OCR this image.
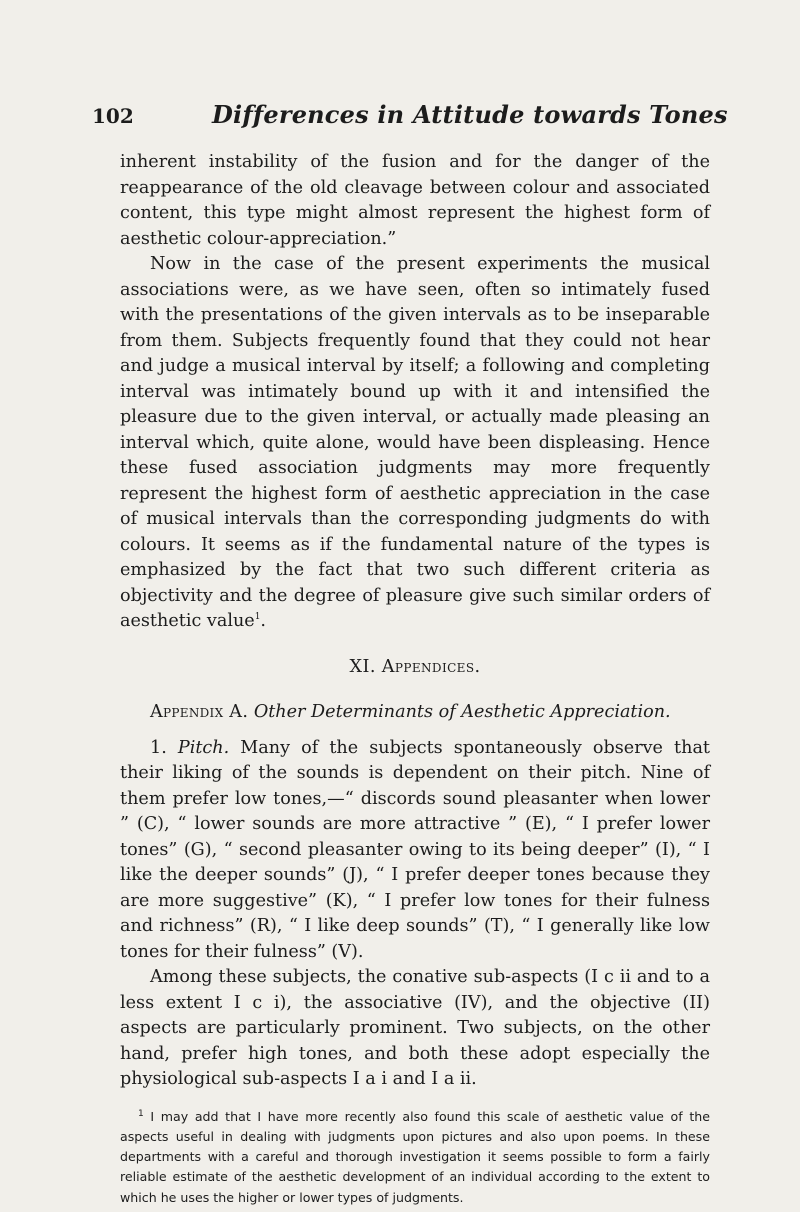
102	Differences in Attitude towards Tones

inherent instability of the fusion and for the danger of the reappearance of the old cleavage between colour and associated content, this type might almost represent the highest form of aesthetic colour-appreciation.”

Now in the case of the present experiments the musical associations were, as we have seen, often so intimately fused with the presentations of the given intervals as to be inseparable from them. Subjects frequently found that they could not hear and judge a musical interval by itself; a following and completing interval was intimately bound up with it and intensified the pleasure due to the given interval, or actually made pleasing an interval which, quite alone, would have been displeasing. Hence these fused association judgments may more frequently represent the highest form of aesthetic appreciation in the case of musical intervals than the corresponding judgments do with colours. It seems as if the fundamental nature of the types is emphasized by the fact that two such different criteria as objectivity and the degree of pleasure give such similar orders of aesthetic value$^1$.

XI. Appendices.

Appendix A. Other Determinants of Aesthetic Appreciation.

1. Pitch. Many of the subjects spontaneously observe that their liking of the sounds is dependent on their pitch. Nine of them prefer low tones,—“ discords sound pleasanter when lower ” (C), “ lower sounds are more attractive ” (E), “ I prefer lower tones” (G), “ second pleasanter owing to its being deeper” (I), “ I like the deeper sounds” (J), “ I prefer deeper tones because they are more suggestive” (K), “ I prefer low tones for their fulness and richness” (R), “ I like deep sounds” (T), “ I generally like low tones for their fulness” (V).

Among these subjects, the conative sub-aspects (I c ii and to a less extent I c i), the associative (IV), and the objective (II) aspects are particularly prominent. Two subjects, on the other hand, prefer high tones, and both these adopt especially the physiological sub-aspects I a i and I a ii.

$^1$ I may add that I have more recently also found this scale of aesthetic value of the aspects useful in dealing with judgments upon pictures and also upon poems. In these departments with a careful and thorough investigation it seems possible to form a fairly reliable estimate of the aesthetic development of an individual according to the extent to which he uses the higher or lower types of judgments.
